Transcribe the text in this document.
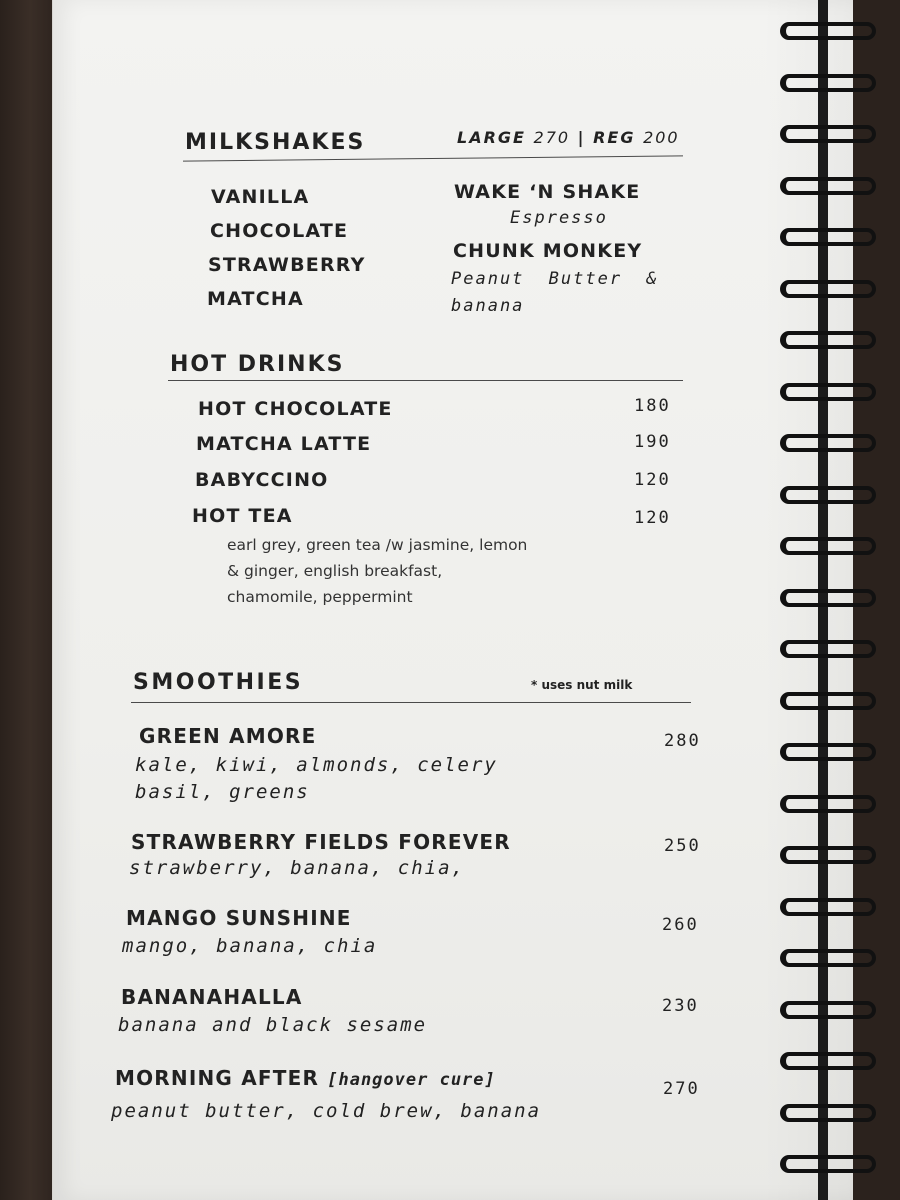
MILKSHAKES	LARGE 270 | REG 200
VANILLA
CHOCOLATE
STRAWBERRY
MATCHA
WAKE ‘N SHAKE
Espresso
CHUNK MONKEY
Peanut Butter & banana
HOT DRINKS
HOT CHOCOLATE	180
MATCHA LATTE	190
BABYCCINO	120
HOT TEA	120
earl grey, green tea /w jasmine, lemon & ginger, english breakfast, chamomile, peppermint
SMOOTHIES	* uses nut milk
GREEN AMORE	280
kale, kiwi, almonds, celery basil, greens
STRAWBERRY FIELDS FOREVER	250
strawberry, banana, chia,
MANGO SUNSHINE	260
mango, banana, chia
BANANAHALLA	230
banana and black sesame
MORNING AFTER [hangover cure]	270
peanut butter, cold brew, banana
